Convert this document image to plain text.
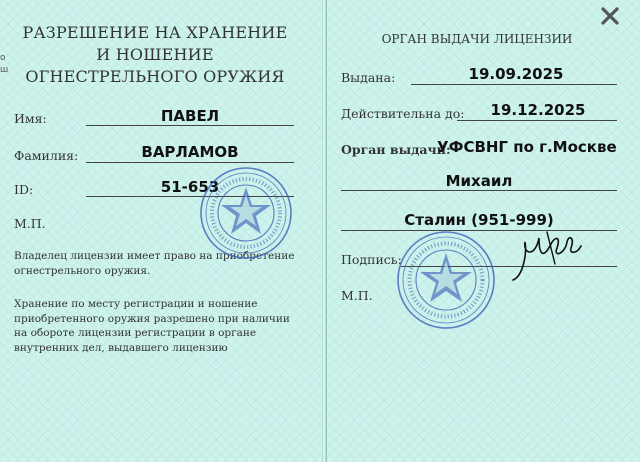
о
ш
РАЗРЕШЕНИЕ НА ХРАНЕНИЕ
И НОШЕНИЕ
ОГНЕСТРЕЛЬНОГО ОРУЖИЯ
Имя:	ПАВЕЛ
Фамилия:	ВАРЛАМОВ
ID:	51-653
М.П.
Владелец лицензии имеет право на приобретение огнестрельного оружия.
Хранение по месту регистрации и ношение приобретенного оружия разрешено при наличии на обороте лицензии регистрации в органе внутренних дел, выдавшего лицензию
ОРГАН ВЫДАЧИ ЛИЦЕНЗИИ
Выдана:	19.09.2025
Действительна до:	19.12.2025
Орган выдачи:
УФСВНГ по г.Москве
Михаил
Сталин (951-999)
Подпись:
М.П.
